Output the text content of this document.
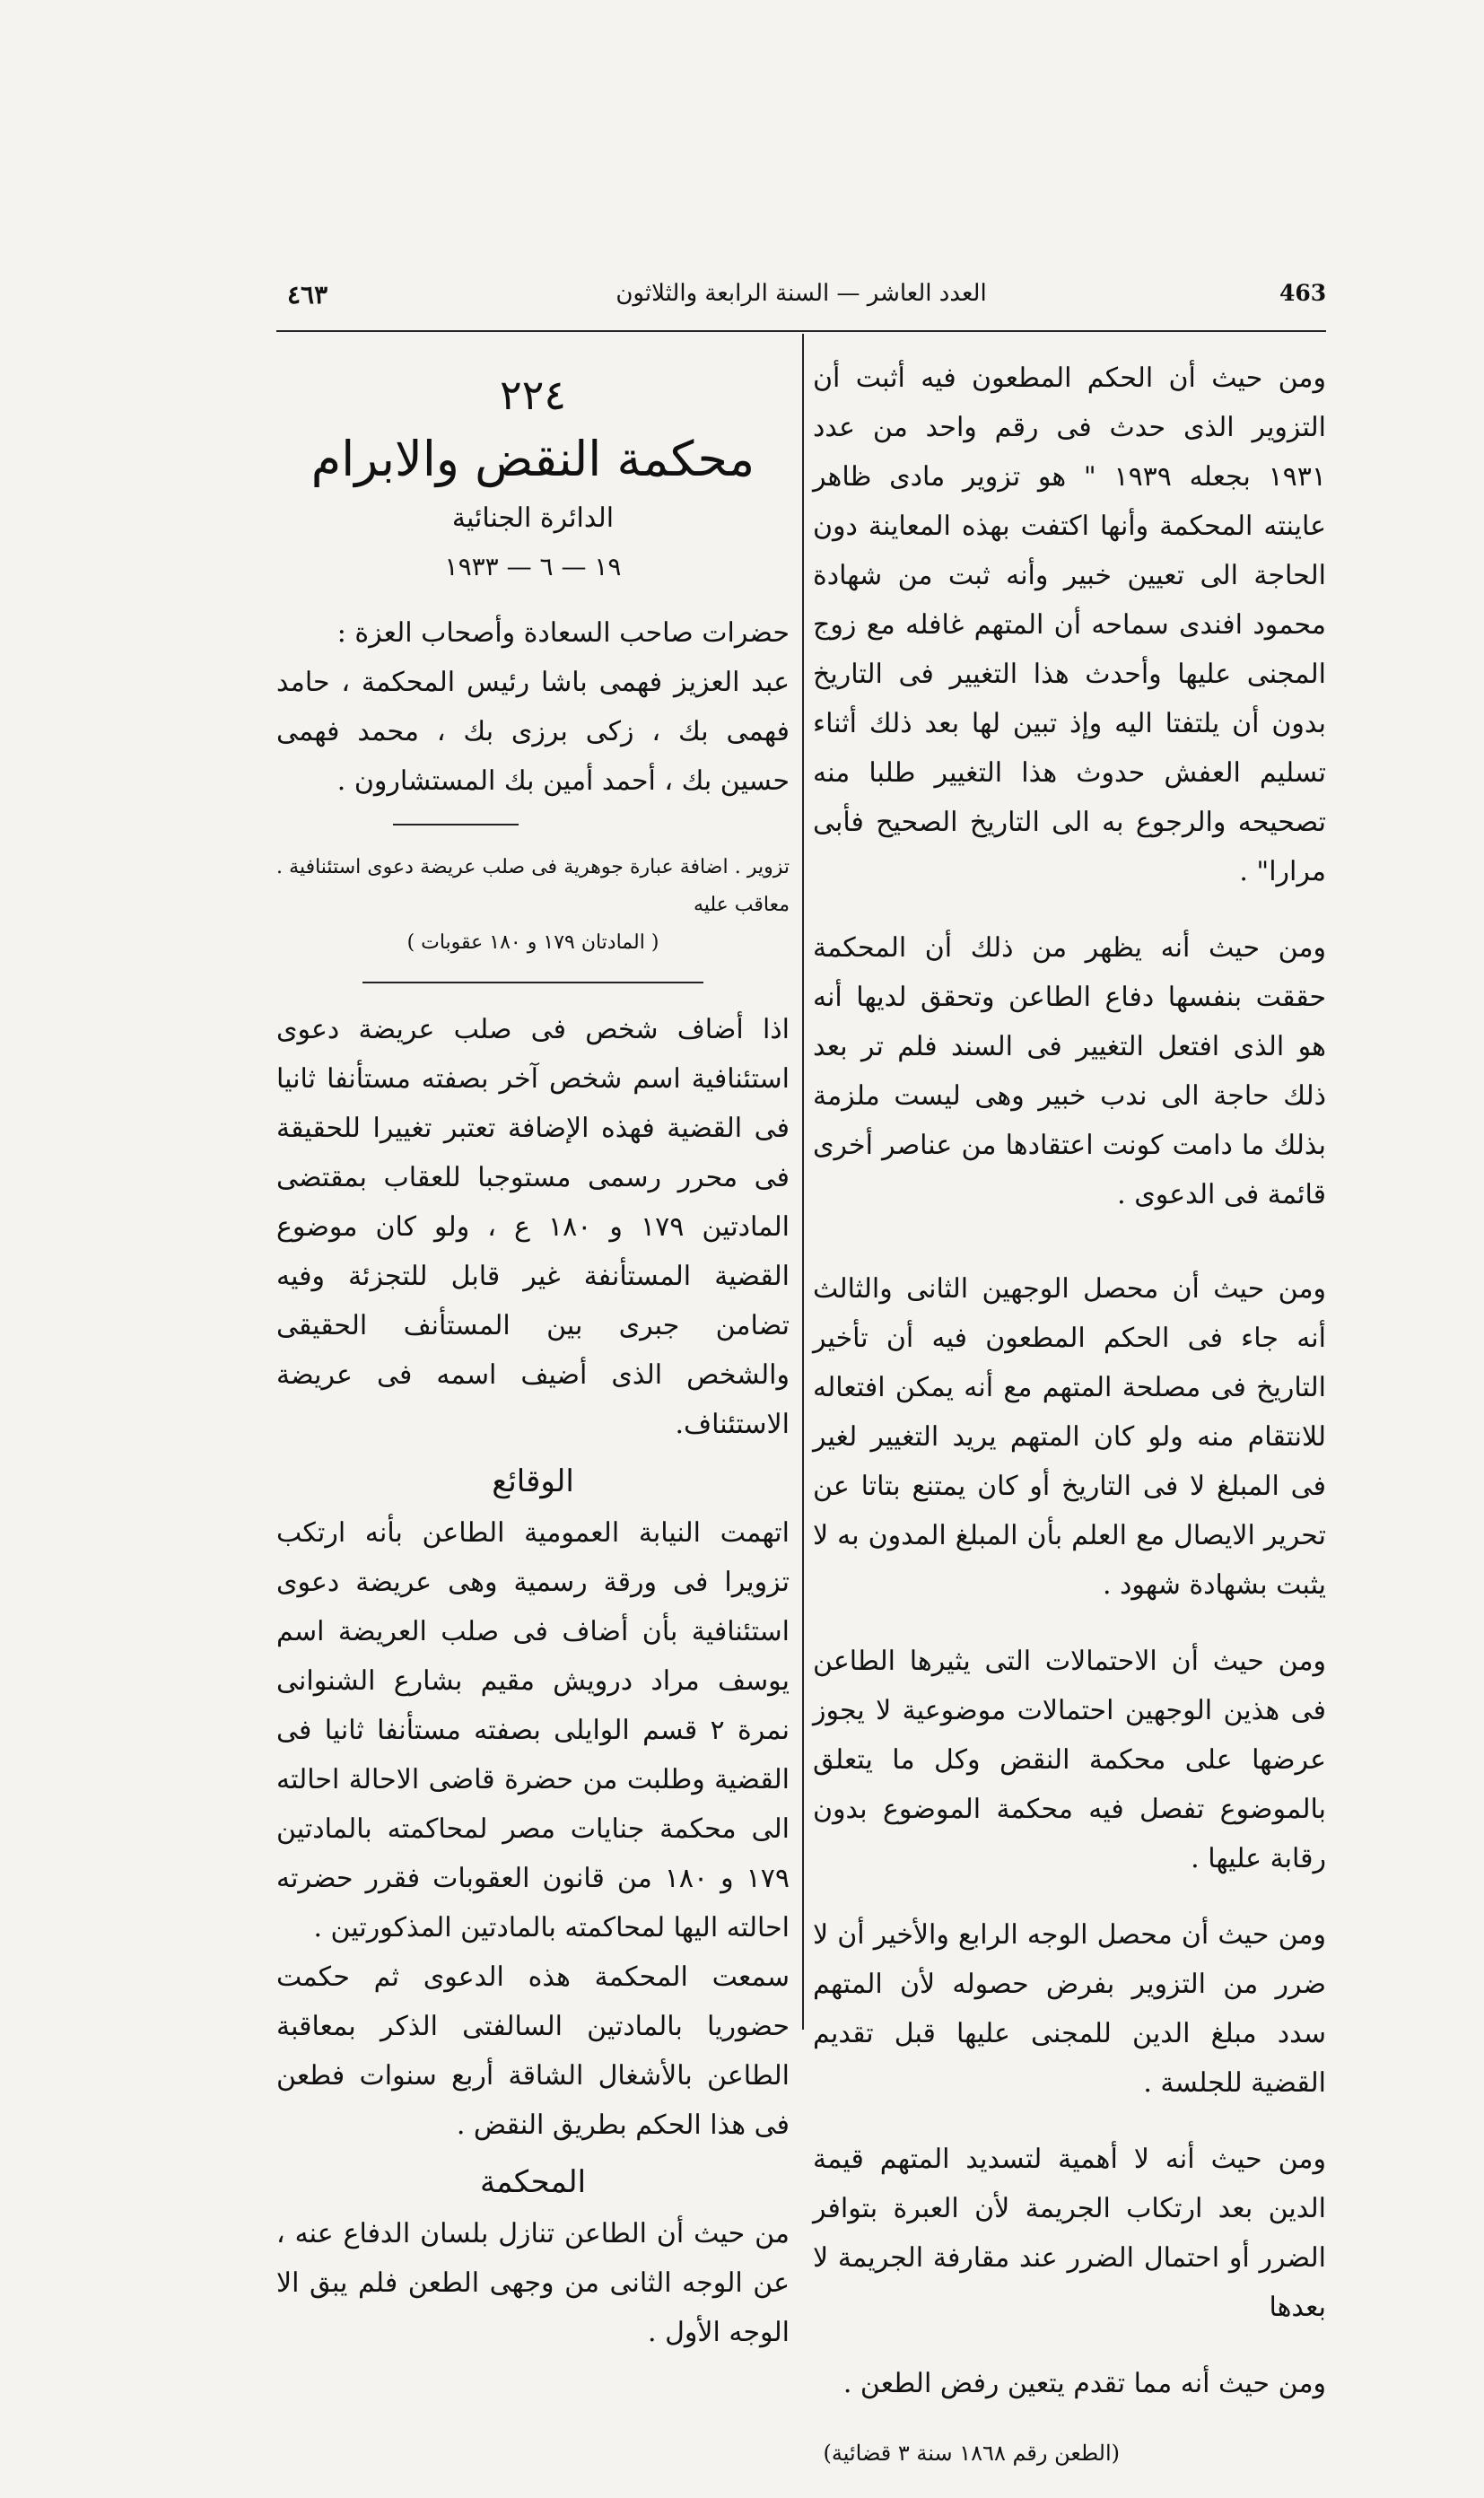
463
العدد العاشر — السنة الرابعة والثلاثون
٤٦٣

ومن حيث أن الحكم المطعون فيه أثبت أن التزوير الذى حدث فى رقم واحد من عدد ١٩٣١ بجعله ١٩٣٩ " هو تزوير مادى ظاهر عاينته المحكمة وأنها اكتفت بهذه المعاينة دون الحاجة الى تعيين خبير وأنه ثبت من شهادة محمود افندى سماحه أن المتهم غافله مع زوج المجنى عليها وأحدث هذا التغيير فى التاريخ بدون أن يلتفتا اليه وإذ تبين لها بعد ذلك أثناء تسليم العفش حدوث هذا التغيير طلبا منه تصحيحه والرجوع به الى التاريخ الصحيح فأبى مرارا" .

ومن حيث أنه يظهر من ذلك أن المحكمة حققت بنفسها دفاع الطاعن وتحقق لديها أنه هو الذى افتعل التغيير فى السند فلم تر بعد ذلك حاجة الى ندب خبير وهى ليست ملزمة بذلك ما دامت كونت اعتقادها من عناصر أخرى قائمة فى الدعوى .

ومن حيث أن محصل الوجهين الثانى والثالث أنه جاء فى الحكم المطعون فيه أن تأخير التاريخ فى مصلحة المتهم مع أنه يمكن افتعاله للانتقام منه ولو كان المتهم يريد التغيير لغير فى المبلغ لا فى التاريخ أو كان يمتنع بتاتا عن تحرير الايصال مع العلم بأن المبلغ المدون به لا يثبت بشهادة شهود .

ومن حيث أن الاحتمالات التى يثيرها الطاعن فى هذين الوجهين احتمالات موضوعية لا يجوز عرضها على محكمة النقض وكل ما يتعلق بالموضوع تفصل فيه محكمة الموضوع بدون رقابة عليها .

ومن حيث أن محصل الوجه الرابع والأخير أن لا ضرر من التزوير بفرض حصوله لأن المتهم سدد مبلغ الدين للمجنى عليها قبل تقديم القضية للجلسة .

ومن حيث أنه لا أهمية لتسديد المتهم قيمة الدين بعد ارتكاب الجريمة لأن العبرة بتوافر الضرر أو احتمال الضرر عند مقارفة الجريمة لا بعدها

ومن حيث أنه مما تقدم يتعين رفض الطعن .

(الطعن رقم ١٨٦٨ سنة ٣ قضائية)

٢٢٤
محكمة النقض والابرام
الدائرة الجنائية
١٩ — ٦ — ١٩٣٣

حضرات صاحب السعادة وأصحاب العزة :

عبد العزيز فهمى باشا رئيس المحكمة ، حامد فهمى بك ، زكى برزى بك ، محمد فهمى حسين بك ، أحمد أمين بك المستشارون .

تزوير . اضافة عبارة جوهرية فى صلب عريضة دعوى استئنافية . معاقب عليه

( المادتان ١٧٩ و ١٨٠ عقوبات )

اذا أضاف شخص فى صلب عريضة دعوى استئنافية اسم شخص آخر بصفته مستأنفا ثانيا فى القضية فهذه الإضافة تعتبر تغييرا للحقيقة فى محرر رسمى مستوجبا للعقاب بمقتضى المادتين ١٧٩ و ١٨٠ ع ، ولو كان موضوع القضية المستأنفة غير قابل للتجزئة وفيه تضامن جبرى بين المستأنف الحقيقى والشخص الذى أضيف اسمه فى عريضة الاستئناف.

الوقائع

اتهمت النيابة العمومية الطاعن بأنه ارتكب تزويرا فى ورقة رسمية وهى عريضة دعوى استئنافية بأن أضاف فى صلب العريضة اسم يوسف مراد درويش مقيم بشارع الشنوانى نمرة ٢ قسم الوايلى بصفته مستأنفا ثانيا فى القضية وطلبت من حضرة قاضى الاحالة احالته الى محكمة جنايات مصر لمحاكمته بالمادتين ١٧٩ و ١٨٠ من قانون العقوبات فقرر حضرته احالته اليها لمحاكمته بالمادتين المذكورتين .

سمعت المحكمة هذه الدعوى ثم حكمت حضوريا بالمادتين السالفتى الذكر بمعاقبة الطاعن بالأشغال الشاقة أربع سنوات فطعن فى هذا الحكم بطريق النقض .

المحكمة

من حيث أن الطاعن تنازل بلسان الدفاع عنه ، عن الوجه الثانى من وجهى الطعن فلم يبق الا الوجه الأول .
